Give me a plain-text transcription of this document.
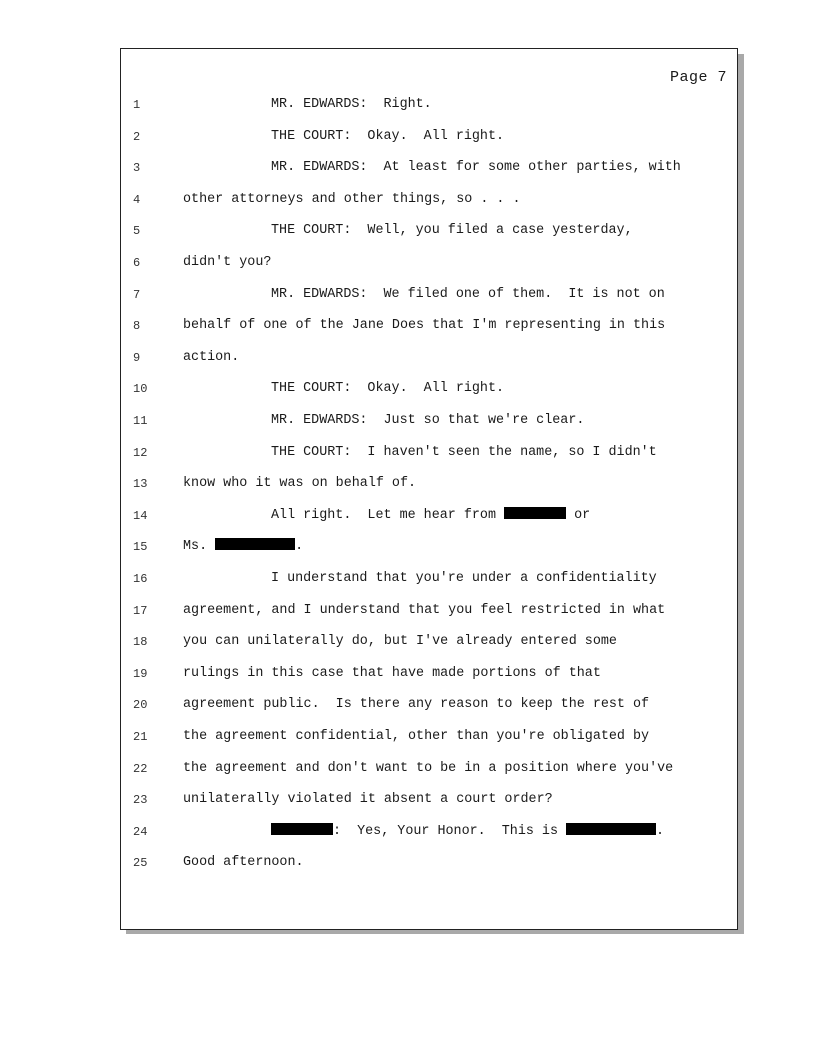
Page 7
1	MR. EDWARDS:  Right.
2	THE COURT:  Okay.  All right.
3	MR. EDWARDS:  At least for some other parties, with
4	other attorneys and other things, so . . .
5	THE COURT:  Well, you filed a case yesterday,
6	didn't you?
7	MR. EDWARDS:  We filed one of them.  It is not on
8	behalf of one of the Jane Does that I'm representing in this
9	action.
10	THE COURT:  Okay.  All right.
11	MR. EDWARDS:  Just so that we're clear.
12	THE COURT:  I haven't seen the name, so I didn't
13	know who it was on behalf of.
14	All right.  Let me hear from	or
15	Ms.	.
16	I understand that you're under a confidentiality
17	agreement, and I understand that you feel restricted in what
18	you can unilaterally do, but I've already entered some
19	rulings in this case that have made portions of that
20	agreement public.  Is there any reason to keep the rest of
21	the agreement confidential, other than you're obligated by
22	the agreement and don't want to be in a position where you've
23	unilaterally violated it absent a court order?
24	:  Yes, Your Honor.  This is	.
25	Good afternoon.
